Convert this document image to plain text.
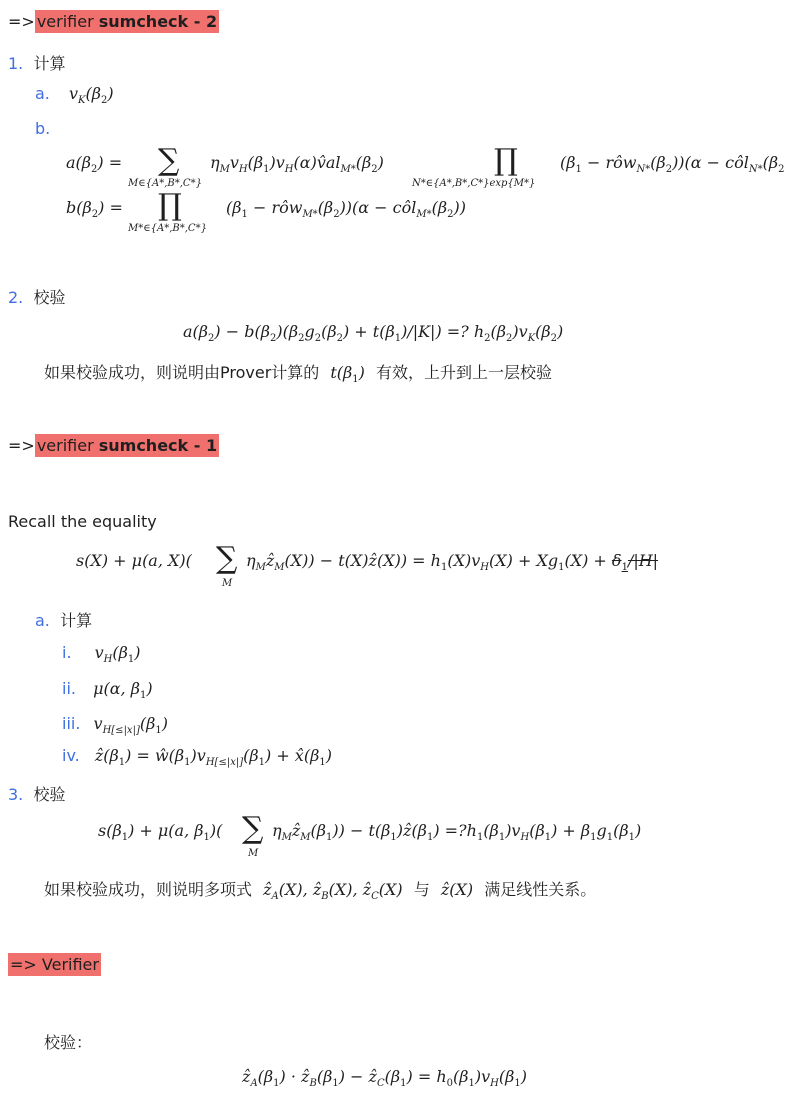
=> verifier sumcheck - 2
1. 计算
a. $v_K(\beta_2)$
b.
$a(\beta_2)$ = ∑
M∈{A*,B*,C*}
$\eta_Mv_H(\beta_1)v_H(\alpha)v̂al_{M*}(\beta_2)$	∏
N*∈{A*,B*,C*}exp{M*}
($\beta_1$ − $rôw_{N*}(\beta_2))(\alpha$ − $côl_{N*}(\beta_2$
$b(\beta_2)$ = ∏
M*∈{A*,B*,C*}
($\beta_1$ − $rôw_{M*}(\beta_2))(\alpha$ − $côl_{M*}(\beta_2)$)
2. 校验
$a(\beta_2) - b(\beta_2)(\beta_2g_2(\beta_2) + t(\beta_1)/|K|)$ =? $h_2(\beta_2)v_K(\beta_2)$
如果校验成功，则说明由Prover计算的 $t(\beta_1)$ 有效，上升到上一层校验
=> verifier sumcheck - 1
Recall the equality
s(X) + μ(a, X)( ∑
M
$\eta_Mẑ_M(X)$) − t(X)ẑ(X)) = $h_1(X)v_H(X) + Xg_1(X) + \delta_1/|H|$
a. 计算
i. $v_H(\beta_1)$
ii. μ(α, $\beta_1$)
iii. $v_{H[\le|x|]}(\beta_1)$
iv. $ẑ(\beta_1)$ = $ŵ(\beta_1)v_{H[\le|x|]}(\beta_1)$ + $x̂(\beta_1)$
3. 校验
$s(\beta_1) + \mu(a$, $\beta_1$)( ∑
M
$\eta_Mẑ_M(\beta_1)$) − $t(\beta_1)ẑ(\beta_1)$ $=?h_1(\beta_1)v_H(\beta_1) + \beta_1g_1(\beta_1)$
如果校验成功，则说明多项式 ẑ$_A$(X), ẑ$_B$(X), ẑ$_C$(X) 与 ẑ(X) 满足线性关系。
=> Verifier
校验：
$ẑ_A(\beta_1)$ · $ẑ_B(\beta_1)$ − $ẑ_C(\beta_1) = h_0(\beta_1)v_H(\beta_1)$
